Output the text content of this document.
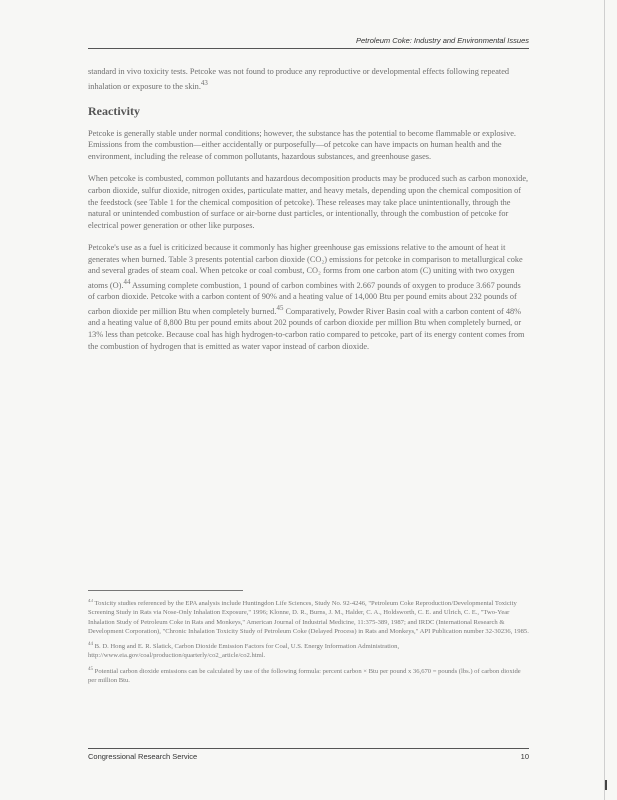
Petroleum Coke: Industry and Environmental Issues

standard in vivo toxicity tests. Petcoke was not found to produce any reproductive or developmental effects following repeated inhalation or exposure to the skin.$^{43}$

Reactivity

Petcoke is generally stable under normal conditions; however, the substance has the potential to become flammable or explosive. Emissions from the combustion—either accidentally or purposefully—of petcoke can have impacts on human health and the environment, including the release of common pollutants, hazardous substances, and greenhouse gases.

When petcoke is combusted, common pollutants and hazardous decomposition products may be produced such as carbon monoxide, carbon dioxide, sulfur dioxide, nitrogen oxides, particulate matter, and heavy metals, depending upon the chemical composition of the feedstock (see Table 1 for the chemical composition of petcoke). These releases may take place unintentionally, through the natural or unintended combustion of surface or air-borne dust particles, or intentionally, through the combustion of petcoke for electrical power generation or other like purposes.

Petcoke's use as a fuel is criticized because it commonly has higher greenhouse gas emissions relative to the amount of heat it generates when burned. Table 3 presents potential carbon dioxide (CO₂) emissions for petcoke in comparison to metallurgical coke and several grades of steam coal. When petcoke or coal combust, CO₂ forms from one carbon atom (C) uniting with two oxygen atoms (O).$^{44}$ Assuming complete combustion, 1 pound of carbon combines with 2.667 pounds of oxygen to produce 3.667 pounds of carbon dioxide. Petcoke with a carbon content of 90% and a heating value of 14,000 Btu per pound emits about 232 pounds of carbon dioxide per million Btu when completely burned.$^{45}$ Comparatively, Powder River Basin coal with a carbon content of 48% and a heating value of 8,800 Btu per pound emits about 202 pounds of carbon dioxide per million Btu when completely burned, or 13% less than petcoke. Because coal has high hydrogen-to-carbon ratio compared to petcoke, part of its energy content comes from the combustion of hydrogen that is emitted as water vapor instead of carbon dioxide.

$^{43}$ Toxicity studies referenced by the EPA analysis include Huntingdon Life Sciences, Study No. 92-4246, "Petroleum Coke Reproduction/Developmental Toxicity Screening Study in Rats via Nose-Only Inhalation Exposure," 1996; Klonne, D. R., Burns, J. M., Halder, C. A., Holdsworth, C. E. and Ulrich, C. E., "Two-Year Inhalation Study of Petroleum Coke in Rats and Monkeys," American Journal of Industrial Medicine, 11:375-389, 1987; and IRDC (International Research & Development Corporation), "Chronic Inhalation Toxicity Study of Petroleum Coke (Delayed Process) in Rats and Monkeys," API Publication number 32-30236, 1985.

$^{44}$ B. D. Hong and E. R. Slatick, Carbon Dioxide Emission Factors for Coal, U.S. Energy Information Administration, http://www.eia.gov/coal/production/quarterly/co2_article/co2.html.

$^{45}$ Potential carbon dioxide emissions can be calculated by use of the following formula: percent carbon × Btu per pound x 36,670 = pounds (lbs.) of carbon dioxide per million Btu.

Congressional Research Service	10
